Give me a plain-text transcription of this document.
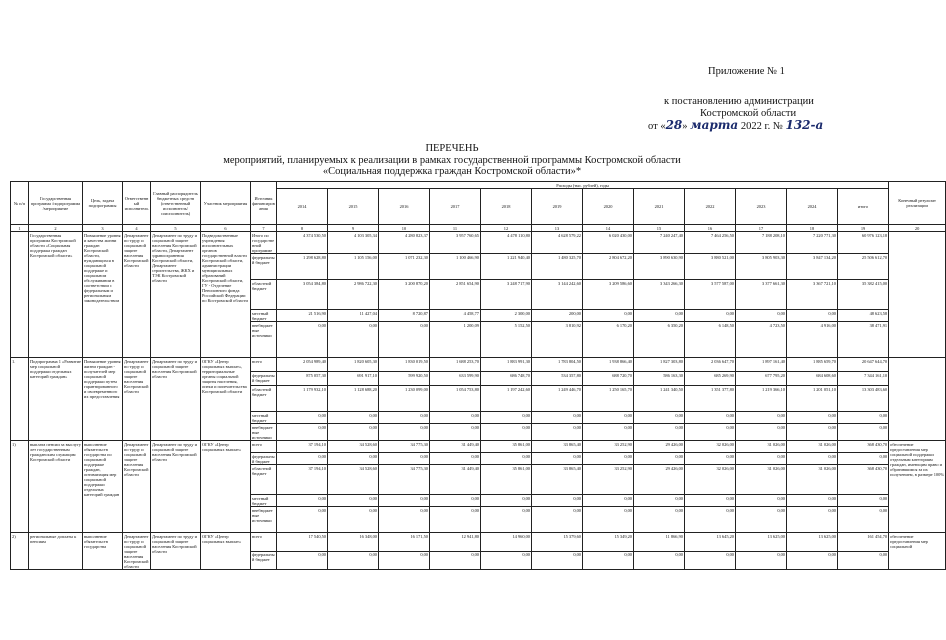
Приложение № 1
к постановлению администрации
Костромской области
от «28» марта 2022 г. № 132-а
ПЕРЕЧЕНЬ
мероприятий, планируемых к реализации в рамках государственной программы Костромской области
«Социальная поддержка граждан Костромской области»*
№ п/п	Государственная программа /подпрограмма /мероприятие	Цель, задача подпрограммы	Ответственный исполнитель	Главный распорядитель бюджетных средств (ответственный исполнитель/соисполнитель)	Участник мероприятия	Источник финансирования	Расходы (тыс. рублей), годы												Конечный результат реализации
							2014	2015	2016	2017	2018	2019	2020	2021	2022	2023	2024	итого	
1	2	3	4	5	6	7	8	9	10	11	12	13	14	15	16	17	18	19	20
	Государственная программа Костромской области «Социальная поддержка граждан Костромской области»	Повышение уровня и качества жизни граждан Костромской области, нуждающихся в социальной поддержке и социальном обслуживании в соответствии с федеральным и региональным законодательством	Департамент по труду и социальной защите населения Костромской области	Департамент по труду и социальной защите населения Костромской области, Департамент здравоохранения Костромской области, Департамент строительства, ЖКХ и ТЭК Костромской области	Подведомственные учреждения исполнительных органов государственной власти Костромской области, администрации муниципальных образований Костромской области, ГУ - Отделение Пенсионного фонда Российской Федерации по Костромской области	Итого по государственной программе	4 374 530,50	4 103 305,34	4 280 823,37	3 957 760,65	4 478 110,80	4 628 579,22	6 020 430,00	7 240 247,40	7 464 256,50	7 188 208,10	7 220 771,30	60 976 123,18	
						федеральный бюджет	1 298 628,80	1 105 156,00	1 071 232,30	1 100 466,90	1 221 940,40	1 480 325,70	2 804 672,20	3 890 630,90	3 880 521,00	3 805 903,30	3 847 134,20	25 506 612,70	
						областной бюджет	3 054 384,80	2 986 722,30	3 200 870,20	2 851 654,90	3 248 717,90	3 144 242,60	3 209 586,60	3 343 266,30	3 577 587,00	3 377 661,30	3 367 721,10	35 382 415,00	
						местный бюджет	21 516,90	11 427,04	8 720,87	4 458,77	2 300,00	200,00	0,00	0,00	0,00	0,00	0,00	48 623,58	
						внебюджетные источники	0,00	0,00	0,00	1 200,09	5 152,50	3 810,92	6 170,20	6 350,20	6 148,50	4 723,50	4 916,00	38 471,91	
1.	Подпрограмма 1 «Развитие мер социальной поддержки отдельных категорий граждан»	Повышение уровня жизни граждан - получателей мер социальной поддержки путем гарантированного и своевременного их предоставления	Департамент по труду и социальной защите населения Костромской области	Департамент по труду и социальной защите населения Костромской области	ОГКУ «Центр социальных выплат», территориальные органы социальной защиты населения, опеки и попечительства Костромской области	всего	2 054 989,40	1 820 605,30	1 830 019,50	1 688 253,70	1 883 991,30	1 783 804,50	1 938 866,40	1 827 303,80	2 036 647,70	1 897 161,40	1 885 659,70	20 647 644,70	
						федеральный бюджет	875 057,30	691 917,10	599 920,50	633 599,90	686 748,70	534 357,80	688 720,70	586 163,30	685 269,90	677 795,20	684 608,60	7 344 161,10	
						областной бюджет	1 179 932,10	1 128 688,20	1 230 099,00	1 054 753,80	1 197 242,60	1 249 446,70	1 250 165,70	1 241 340,50	1 351 377,80	1 219 366,10	1 201 051,10	13 303 483,60	
						местный бюджет	0,00	0,00	0,00	0,00	0,00	0,00	0,00	0,00	0,00	0,00	0,00	0,00	
						внебюджетные источники	0,00	0,00	0,00	0,00	0,00	0,00	0,00	0,00	0,00	0,00	0,00	0,00	
1)	выплата пенсии за выслугу лет государственным гражданским служащим Костромской области	выполнение обязательств государства по социальной поддержке граждан, оптимизация мер социальной поддержки отдельных категорий граждан	Департамент по труду и социальной защите населения Костромской области	Департамент по труду и социальной защите населения Костромской области	ОГКУ «Центр социальных выплат»	всего	37 194,10	34 528,60	34 775,30	31 449,40	35 861,00	33 865,40	33 252,90	29 426,00	32 026,00	31 026,00	31 026,00	368 430,70	обеспечение предоставления мер социальной поддержки отдельным категориям граждан, имеющим право и обратившимся за их получением, в размере 100%
						федеральный бюджет	0,00	0,00	0,00	0,00	0,00	0,00	0,00	0,00	0,00	0,00	0,00	0,00	
						областной бюджет	37 194,10	34 528,60	34 775,30	31 449,40	35 861,00	33 865,40	33 252,90	29 426,00	32 026,00	31 026,00	31 026,00	368 430,70	
						местный бюджет	0,00	0,00	0,00	0,00	0,00	0,00	0,00	0,00	0,00	0,00	0,00	0,00	
						внебюджетные источники	0,00	0,00	0,00	0,00	0,00	0,00	0,00	0,00	0,00	0,00	0,00	0,00	
2)	региональные доплаты к пенсиям	выполнение обязательств государства	Департамент по труду и социальной защите населения Костромской области	Департамент по труду и социальной защите населения Костромской области	ОГКУ «Центр социальных выплат»	всего	17 540,50	16 348,00	16 171,50	12 941,80	14 960,00	15 379,60	15 349,20	11 866,90	13 645,20	13 625,00	13 625,00	161 454,70	обеспечение предоставления мер социальной
						федеральный бюджет	0,00	0,00	0,00	0,00	0,00	0,00	0,00	0,00	0,00	0,00	0,00	0,00	
